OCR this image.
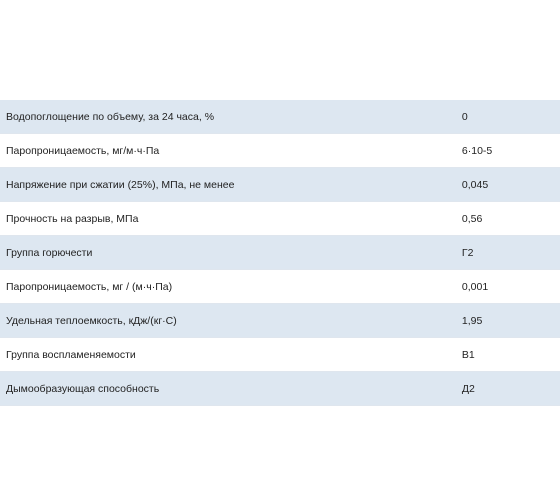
Водопоглощение по объему, за 24 часа, %	0
Паропроницаемость, мг/м·ч·Па	6·10-5
Напряжение при сжатии (25%), МПа, не менее	0,045
Прочность на разрыв, МПа	0,56
Группа горючести	Г2
Паропроницаемость, мг / (м·ч·Па)	0,001
Удельная теплоемкость, кДж/(кг·С)	1,95
Группа воспламеняемости	В1
Дымообразующая способность	Д2
